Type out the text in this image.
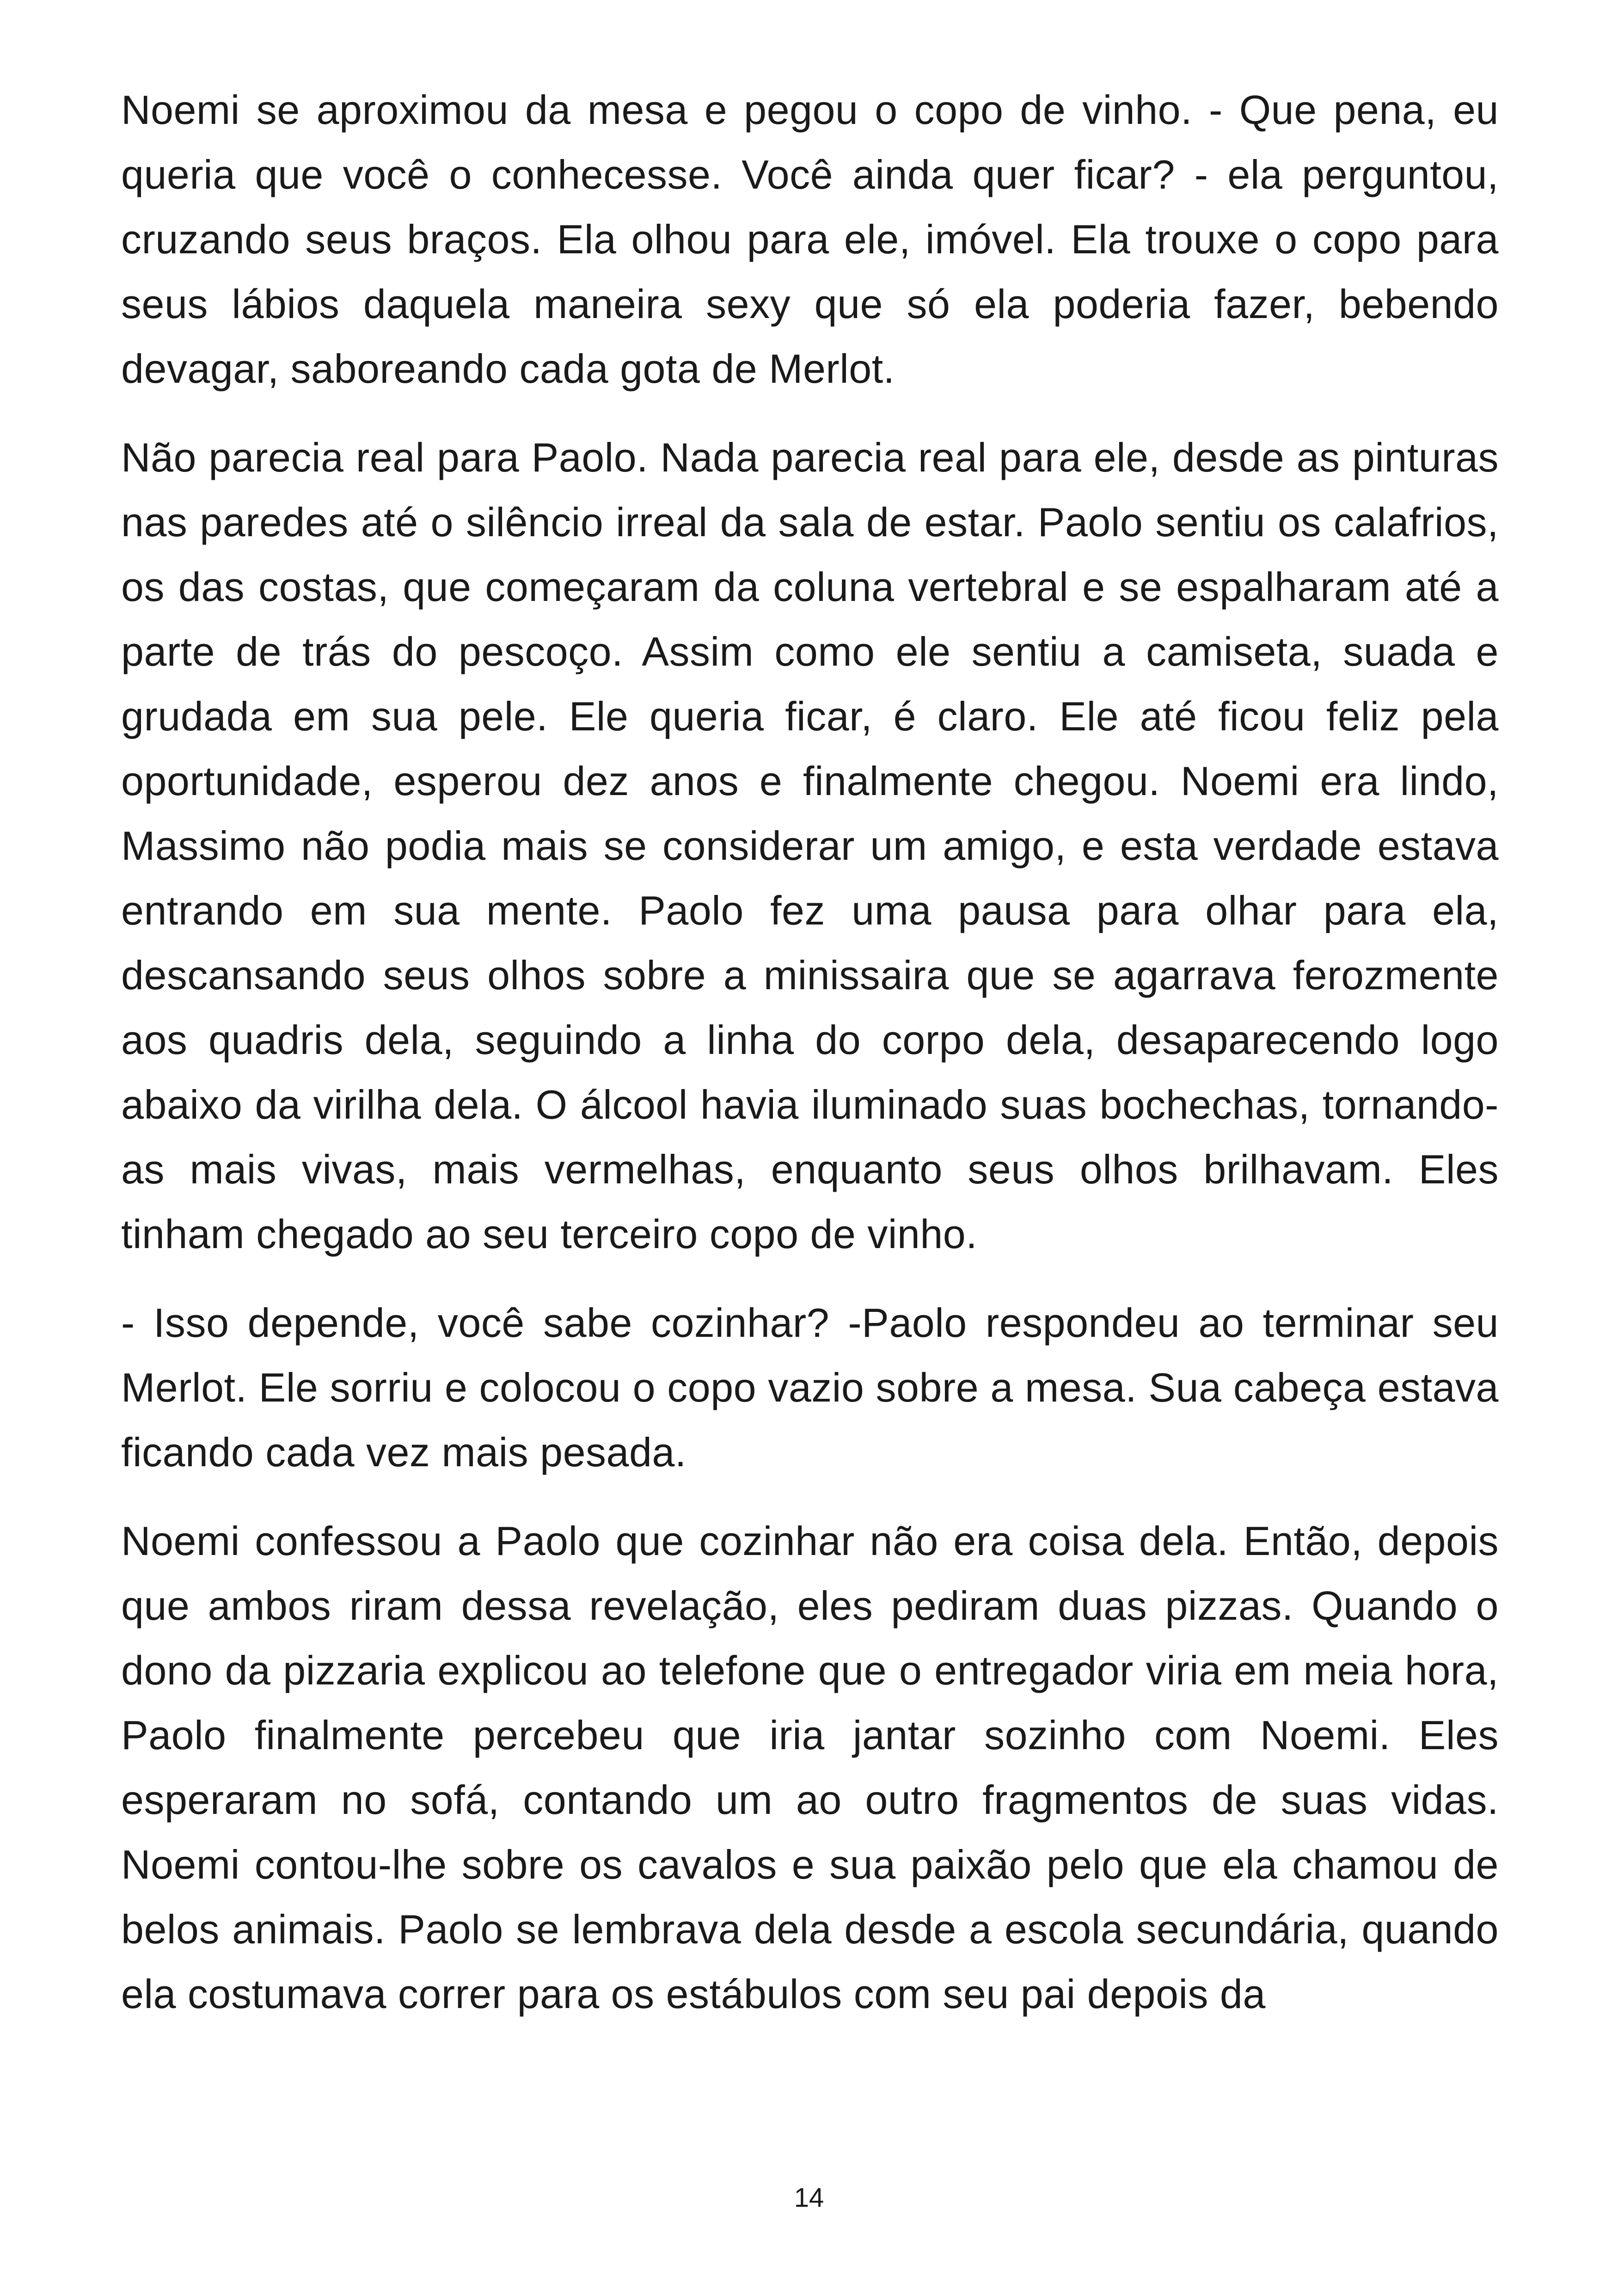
Noemi se aproximou da mesa e pegou o copo de vinho. - Que pena, eu queria que você o conhecesse. Você ainda quer ficar? - ela perguntou, cruzando seus braços. Ela olhou para ele, imóvel. Ela trouxe o copo para seus lábios daquela maneira sexy que só ela poderia fazer, bebendo devagar, saboreando cada gota de Merlot.

Não parecia real para Paolo. Nada parecia real para ele, desde as pinturas nas paredes até o silêncio irreal da sala de estar. Paolo sentiu os calafrios, os das costas, que começaram da coluna vertebral e se espalharam até a parte de trás do pescoço. Assim como ele sentiu a camiseta, suada e grudada em sua pele. Ele queria ficar, é claro. Ele até ficou feliz pela oportunidade, esperou dez anos e finalmente chegou. Noemi era lindo, Massimo não podia mais se considerar um amigo, e esta verdade estava entrando em sua mente. Paolo fez uma pausa para olhar para ela, descansando seus olhos sobre a minissaira que se agarrava ferozmente aos quadris dela, seguindo a linha do corpo dela, desaparecendo logo abaixo da virilha dela. O álcool havia iluminado suas bochechas, tornando-as mais vivas, mais vermelhas, enquanto seus olhos brilhavam. Eles tinham chegado ao seu terceiro copo de vinho.

- Isso depende, você sabe cozinhar? -Paolo respondeu ao terminar seu Merlot. Ele sorriu e colocou o copo vazio sobre a mesa. Sua cabeça estava ficando cada vez mais pesada.

Noemi confessou a Paolo que cozinhar não era coisa dela. Então, depois que ambos riram dessa revelação, eles pediram duas pizzas. Quando o dono da pizzaria explicou ao telefone que o entregador viria em meia hora, Paolo finalmente percebeu que iria jantar sozinho com Noemi. Eles esperaram no sofá, contando um ao outro fragmentos de suas vidas. Noemi contou-lhe sobre os cavalos e sua paixão pelo que ela chamou de belos animais. Paolo se lembrava dela desde a escola secundária, quando ela costumava correr para os estábulos com seu pai depois da

14
